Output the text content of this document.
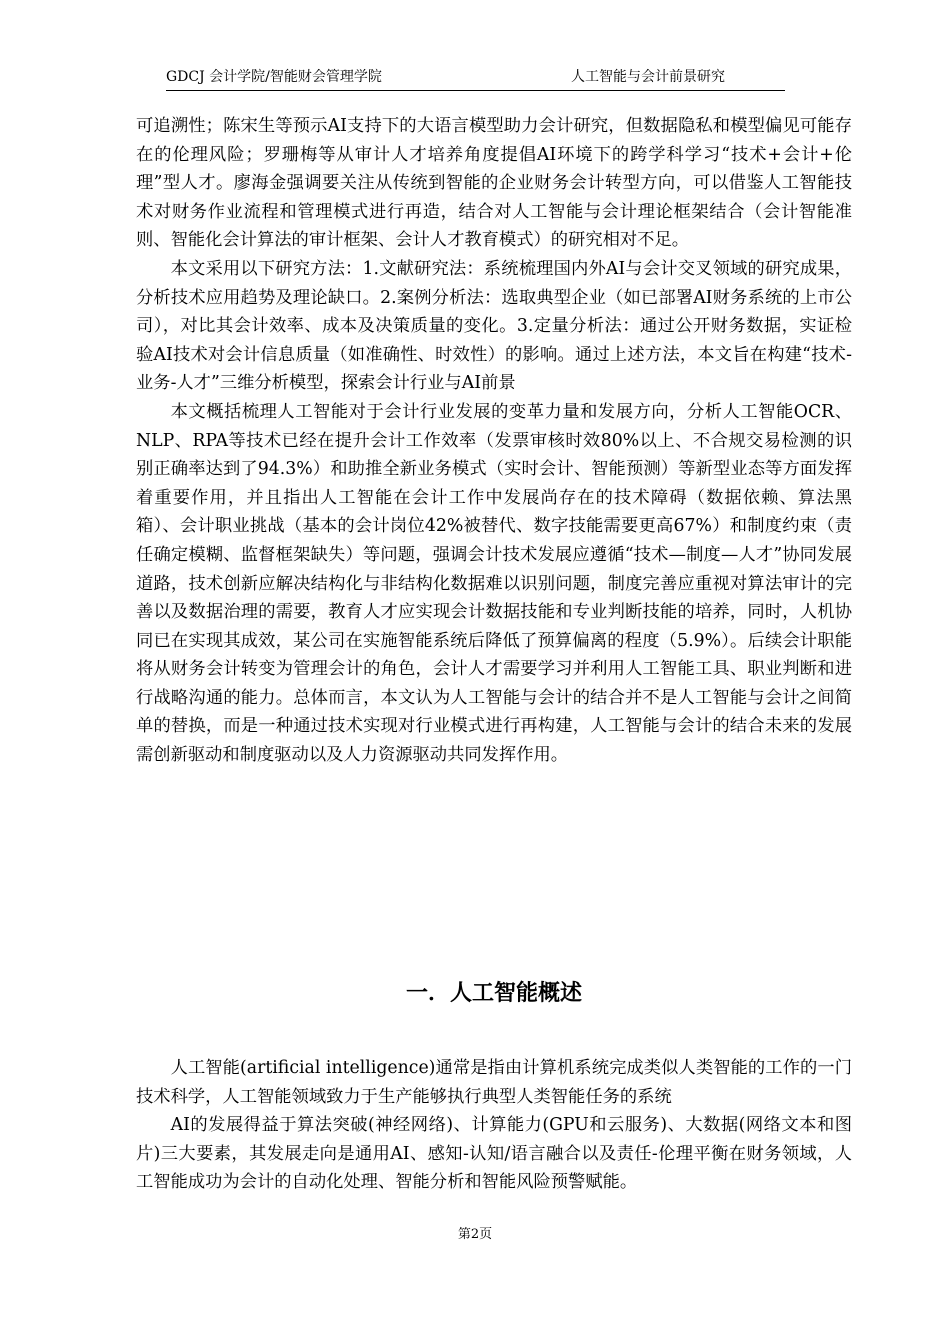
GDCJ 会计学院/智能财会管理学院	人工智能与会计前景研究

可追溯性；陈宋生等预示AI支持下的大语言模型助力会计研究，但数据隐私和模型偏见可能存在的伦理风险；罗珊梅等从审计人才培养角度提倡AI环境下的跨学科学习“技术+会计+伦理”型人才。廖海金强调要关注从传统到智能的企业财务会计转型方向，可以借鉴人工智能技术对财务作业流程和管理模式进行再造，结合对人工智能与会计理论框架结合（会计智能准则、智能化会计算法的审计框架、会计人才教育模式）的研究相对不足。

本文采用以下研究方法：1.文献研究法：系统梳理国内外AI与会计交叉领域的研究成果，分析技术应用趋势及理论缺口。2.案例分析法：选取典型企业（如已部署AI财务系统的上市公司），对比其会计效率、成本及决策质量的变化。3.定量分析法：通过公开财务数据，实证检验AI技术对会计信息质量（如准确性、时效性）的影响。通过上述方法，本文旨在构建“技术-业务-人才”三维分析模型，探索会计行业与AI前景

本文概括梳理人工智能对于会计行业发展的变革力量和发展方向，分析人工智能OCR、NLP、RPA等技术已经在提升会计工作效率（发票审核时效80%以上、不合规交易检测的识别正确率达到了94.3%）和助推全新业务模式（实时会计、智能预测）等新型业态等方面发挥着重要作用，并且指出人工智能在会计工作中发展尚存在的技术障碍（数据依赖、算法黑箱）、会计职业挑战（基本的会计岗位42%被替代、数字技能需要更高67%）和制度约束（责任确定模糊、监督框架缺失）等问题，强调会计技术发展应遵循“技术—制度—人才”协同发展道路，技术创新应解决结构化与非结构化数据难以识别问题，制度完善应重视对算法审计的完善以及数据治理的需要，教育人才应实现会计数据技能和专业判断技能的培养，同时，人机协同已在实现其成效，某公司在实施智能系统后降低了预算偏离的程度（5.9%）。后续会计职能将从财务会计转变为管理会计的角色，会计人才需要学习并利用人工智能工具、职业判断和进行战略沟通的能力。总体而言，本文认为人工智能与会计的结合并不是人工智能与会计之间简单的替换，而是一种通过技术实现对行业模式进行再构建，人工智能与会计的结合未来的发展需创新驱动和制度驱动以及人力资源驱动共同发挥作用。

一．人工智能概述

人工智能(artificial intelligence)通常是指由计算机系统完成类似人类智能的工作的一门技术科学，人工智能领域致力于生产能够执行典型人类智能任务的系统

AI的发展得益于算法突破(神经网络)、计算能力(GPU和云服务)、大数据(网络文本和图片)三大要素，其发展走向是通用AI、感知-认知/语言融合以及责任-伦理平衡在财务领域，人工智能成功为会计的自动化处理、智能分析和智能风险预警赋能。

第2页
